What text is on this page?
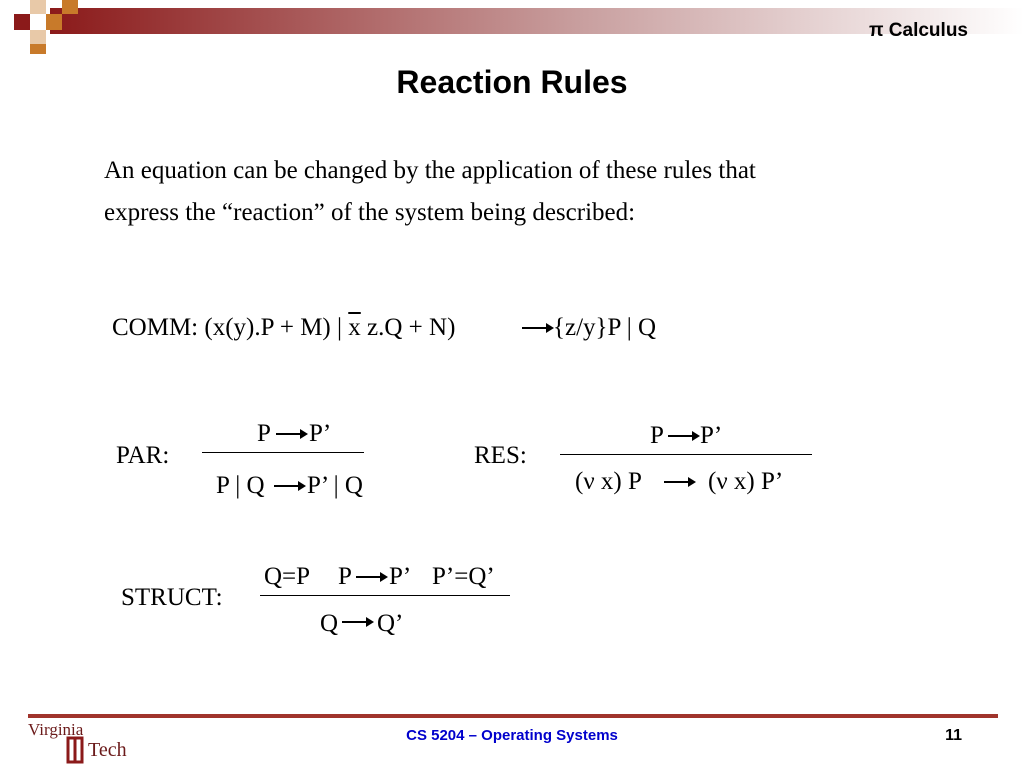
π Calculus
Reaction Rules
An equation can be changed by the application of these rules that
express the “reaction” of the system being described:
COMM: (x(y).P + M) | $\overline{x}$ z.Q + N)	{z/y}P | Q
PAR:
P P’
P | Q P’ | Q
RES:
P P’
(ν x) P	(ν x) P’
STRUCT:
Q=P P P’ P’=Q’
Q Q’
Virginia
Tech
CS 5204 – Operating Systems	11
